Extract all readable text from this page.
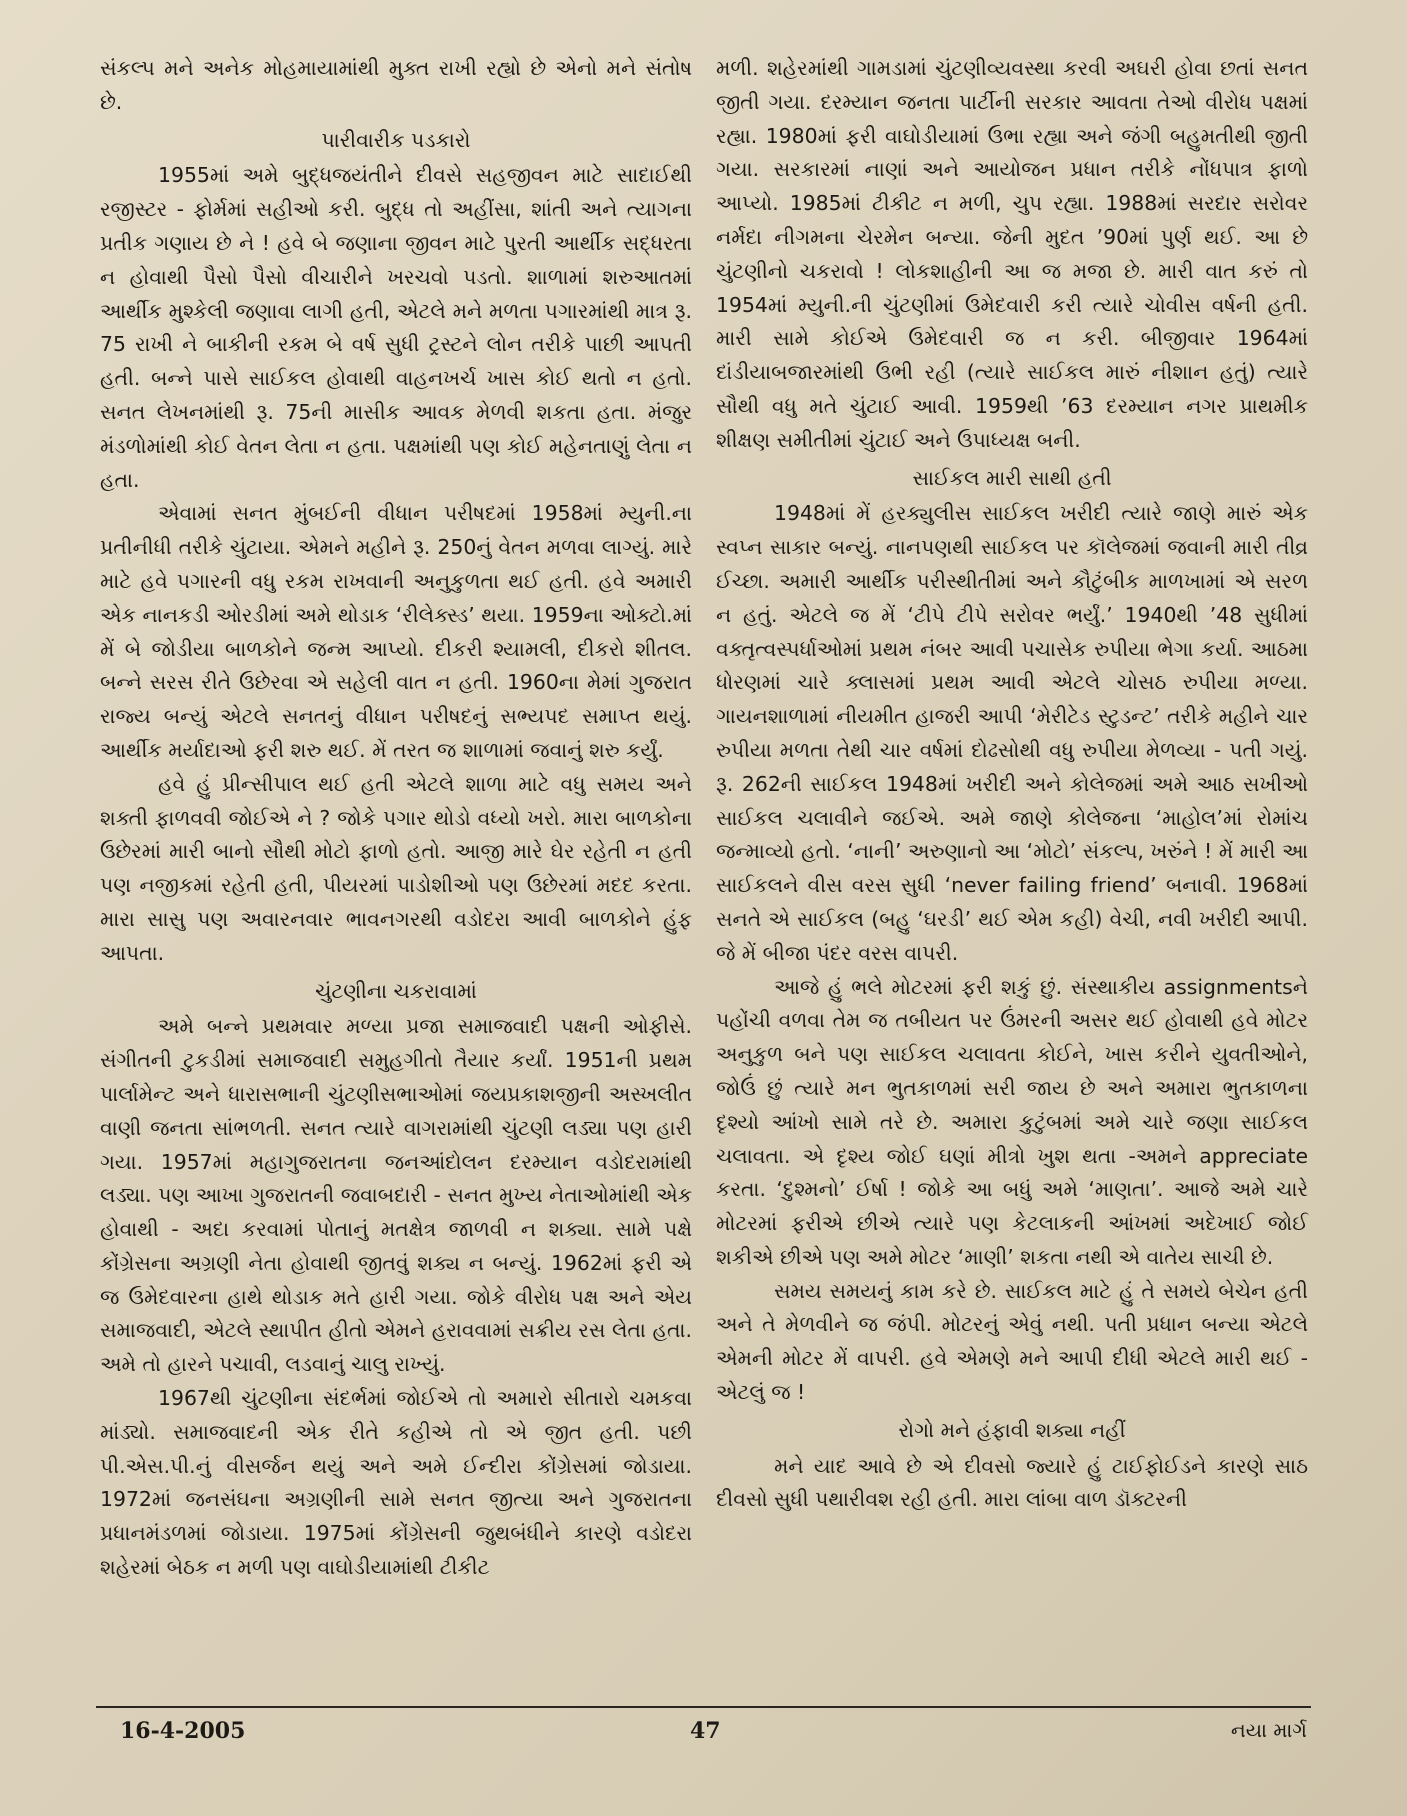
સંકલ્પ મને અનેક મોહમાયામાંથી મુક્ત રાખી રહ્યો છે એનો મને સંતોષ છે.

પારીવારીક પડકારો

1955માં અમે બુદ્ધજયંતીને દીવસે સહજીવન માટે સાદાઈથી રજીસ્ટર - ફોર્મમાં સહીઓ કરી. બુદ્ધ તો અહીંસા, શાંતી અને ત્યાગના પ્રતીક ગણાય છે ને ! હવે બે જણાના જીવન માટે પુરતી આર્થીક સદ્ધરતા ન હોવાથી પૈસો પૈસો વીચારીને ખરચવો પડતો. શાળામાં શરુઆતમાં આર્થીક મુશ્કેલી જણાવા લાગી હતી, એટલે મને મળતા પગારમાંથી માત્ર રૂ. 75 રાખી ને બાકીની રકમ બે વર્ષ સુધી ટ્રસ્ટને લોન તરીકે પાછી આપતી હતી. બન્ને પાસે સાઈકલ હોવાથી વાહનખર્ચ ખાસ કોઈ થતો ન હતો. સનત લેખનમાંથી રૂ. 75ની માસીક આવક મેળવી શકતા હતા. મંજુર મંડળોમાંથી કોઈ વેતન લેતા ન હતા. પક્ષમાંથી પણ કોઈ મહેનતાણું લેતા ન હતા.

એવામાં સનત મુંબઈની વીધાન પરીષદમાં 1958માં મ્યુની.ના પ્રતીનીધી તરીકે ચુંટાયા. એમને મહીને રૂ. 250નું વેતન મળવા લાગ્યું. મારે માટે હવે પગારની વધુ રકમ રાખવાની અનુકુળતા થઈ હતી. હવે અમારી એક નાનકડી ઓરડીમાં અમે થોડાક ‘રીલેક્સ્ડ’ થયા. 1959ના ઓક્ટો.માં મેં બે જોડીયા બાળકોને જન્મ આપ્યો. દીકરી શ્યામલી, દીકરો શીતલ. બન્ને સરસ રીતે ઉછેરવા એ સહેલી વાત ન હતી. 1960ના મેમાં ગુજરાત રાજ્ય બન્યું એટલે સનતનું વીધાન પરીષદનું સભ્યપદ સમાપ્ત થયું. આર્થીક મર્યાદાઓ ફરી શરુ થઈ. મેં તરત જ શાળામાં જવાનું શરુ કર્યું.

હવે હું પ્રીન્સીપાલ થઈ હતી એટલે શાળા માટે વધુ સમય અને શક્તી ફાળવવી જોઈએ ને ? જોકે પગાર થોડો વધ્યો ખરો. મારા બાળકોના ઉછેરમાં મારી બાનો સૌથી મોટો ફાળો હતો. આજી મારે ઘેર રહેતી ન હતી પણ નજીકમાં રહેતી હતી, પીયરમાં પાડોશીઓ પણ ઉછેરમાં મદદ કરતા. મારા સાસુ પણ અવારનવાર ભાવનગરથી વડોદરા આવી બાળકોને હુંફ આપતા.

ચુંટણીના ચકરાવામાં

અમે બન્ને પ્રથમવાર મળ્યા પ્રજા સમાજવાદી પક્ષની ઓફીસે. સંગીતની ટુકડીમાં સમાજવાદી સમુહગીતો તૈયાર કર્યાં. 1951ની પ્રથમ પાર્લામેન્ટ અને ધારાસભાની ચુંટણીસભાઓમાં જયપ્રકાશજીની અસ્ખલીત વાણી જનતા સાંભળતી. સનત ત્યારે વાગરામાંથી ચુંટણી લડ્યા પણ હારી ગયા. 1957માં મહાગુજરાતના જનઆંદોલન દરમ્યાન વડોદરામાંથી લડ્યા. પણ આખા ગુજરાતની જવાબદારી - સનત મુખ્ય નેતાઓમાંથી એક હોવાથી - અદા કરવામાં પોતાનું મતક્ષેત્ર જાળવી ન શક્યા. સામે પક્ષે કોંગ્રેસના અગ્રણી નેતા હોવાથી જીતવું શક્ય ન બન્યું. 1962માં ફરી એ જ ઉમેદવારના હાથે થોડાક મતે હારી ગયા. જોકે વીરોધ પક્ષ અને એય સમાજવાદી, એટલે સ્થાપીત હીતો એમને હરાવવામાં સક્રીય રસ લેતા હતા. અમે તો હારને પચાવી, લડવાનું ચાલુ રાખ્યું.

1967થી ચુંટણીના સંદર્ભમાં જોઈએ તો અમારો સીતારો ચમકવા માંડ્યો. સમાજવાદની એક રીતે કહીએ તો એ જીત હતી. પછી પી.એસ.પી.નું વીસર્જન થયું અને અમે ઈન્દીરા કોંગ્રેસમાં જોડાયા. 1972માં જનસંઘના અગ્રણીની સામે સનત જીત્યા અને ગુજરાતના પ્રધાનમંડળમાં જોડાયા. 1975માં કોંગ્રેસની જુથબંધીને કારણે વડોદરા શહેરમાં બેઠક ન મળી પણ વાઘોડીયામાંથી ટીકીટ

મળી. શહેરમાંથી ગામડામાં ચુંટણીવ્યવસ્થા કરવી અઘરી હોવા છતાં સનત જીતી ગયા. દરમ્યાન જનતા પાર્ટીની સરકાર આવતા તેઓ વીરોધ પક્ષમાં રહ્યા. 1980માં ફરી વાઘોડીયામાં ઉભા રહ્યા અને જંગી બહુમતીથી જીતી ગયા. સરકારમાં નાણાં અને આયોજન પ્રધાન તરીકે નોંધપાત્ર ફાળો આપ્યો. 1985માં ટીકીટ ન મળી, ચુપ રહ્યા. 1988માં સરદાર સરોવર નર્મદા નીગમના ચેરમેન બન્યા. જેની મુદત ’90માં પુર્ણ થઈ. આ છે ચુંટણીનો ચકરાવો ! લોકશાહીની આ જ મજા છે. મારી વાત કરું તો 1954માં મ્યુની.ની ચુંટણીમાં ઉમેદવારી કરી ત્યારે ચોવીસ વર્ષની હતી. મારી સામે કોઈએ ઉમેદવારી જ ન કરી. બીજીવાર 1964માં દાંડીયાબજારમાંથી ઉભી રહી (ત્યારે સાઈકલ મારું નીશાન હતું) ત્યારે સૌથી વધુ મતે ચુંટાઈ આવી. 1959થી ’63 દરમ્યાન નગર પ્રાથમીક શીક્ષણ સમીતીમાં ચુંટાઈ અને ઉપાધ્યક્ષ બની.

સાઈકલ મારી સાથી હતી

1948માં મેં હરક્યુલીસ સાઈકલ ખરીદી ત્યારે જાણે મારું એક સ્વપ્ન સાકાર બન્યું. નાનપણથી સાઈકલ પર કૉલેજમાં જવાની મારી તીવ્ર ઈચ્છા. અમારી આર્થીક પરીસ્થીતીમાં અને કૌટુંબીક માળખામાં એ સરળ ન હતું. એટલે જ મેં ‘ટીપે ટીપે સરોવર ભર્યું.’ 1940થી ’48 સુધીમાં વક્તૃત્વસ્પર્ધાઓમાં પ્રથમ નંબર આવી પચાસેક રુપીયા ભેગા કર્યા. આઠમા ધોરણમાં ચારે ક્લાસમાં પ્રથમ આવી એટલે ચોસઠ રુપીયા મળ્યા. ગાયનશાળામાં નીયમીત હાજરી આપી ‘મેરીટેડ સ્ટુડન્ટ’ તરીકે મહીને ચાર રુપીયા મળતા તેથી ચાર વર્ષમાં દોઢસોથી વધુ રુપીયા મેળવ્યા - પતી ગયું. રૂ. 262ની સાઈકલ 1948માં ખરીદી અને કોલેજમાં અમે આઠ સખીઓ સાઈકલ ચલાવીને જઈએ. અમે જાણે કોલેજના ‘માહોલ’માં રોમાંચ જન્માવ્યો હતો. ‘નાની’ અરુણાનો આ ‘મોટો’ સંકલ્પ, ખરુંને ! મેં મારી આ સાઈકલને વીસ વરસ સુધી ‘never failing friend’ બનાવી. 1968માં સનતે એ સાઈકલ (બહુ ‘ઘરડી’ થઈ એમ કહી) વેચી, નવી ખરીદી આપી. જે મેં બીજા પંદર વરસ વાપરી.

આજે હું ભલે મોટરમાં ફરી શકું છું. સંસ્થાકીય assignmentsને પહોંચી વળવા તેમ જ તબીયત પર ઉંમરની અસર થઈ હોવાથી હવે મોટર અનુકુળ બને પણ સાઈકલ ચલાવતા કોઈને, ખાસ કરીને યુવતીઓને, જોઉં છું ત્યારે મન ભુતકાળમાં સરી જાય છે અને અમારા ભુતકાળના દૃશ્યો આંખો સામે તરે છે. અમારા કુટુંબમાં અમે ચારે જણા સાઈકલ ચલાવતા. એ દૃશ્ય જોઈ ઘણાં મીત્રો ખુશ થતા -અમને appreciate કરતા. ‘દુશ્મનો’ ઈર્ષા ! જોકે આ બધું અમે ‘માણતા’. આજે અમે ચારે મોટરમાં ફરીએ છીએ ત્યારે પણ કેટલાકની આંખમાં અદેખાઈ જોઈ શકીએ છીએ પણ અમે મોટર ‘માણી’ શકતા નથી એ વાતેય સાચી છે.

સમય સમયનું કામ કરે છે. સાઈકલ માટે હું તે સમયે બેચેન હતી અને તે મેળવીને જ જંપી. મોટરનું એવું નથી. પતી પ્રધાન બન્યા એટલે એમની મોટર મેં વાપરી. હવે એમણે મને આપી દીધી એટલે મારી થઈ - એટલું જ !

રોગો મને હંફાવી શક્યા નહીં

મને યાદ આવે છે એ દીવસો જ્યારે હું ટાઈફોઈડને કારણે સાઠ દીવસો સુધી પથારીવશ રહી હતી. મારા લાંબા વાળ ડૉક્ટરની

16-4-2005	47	નયા માર્ગ
